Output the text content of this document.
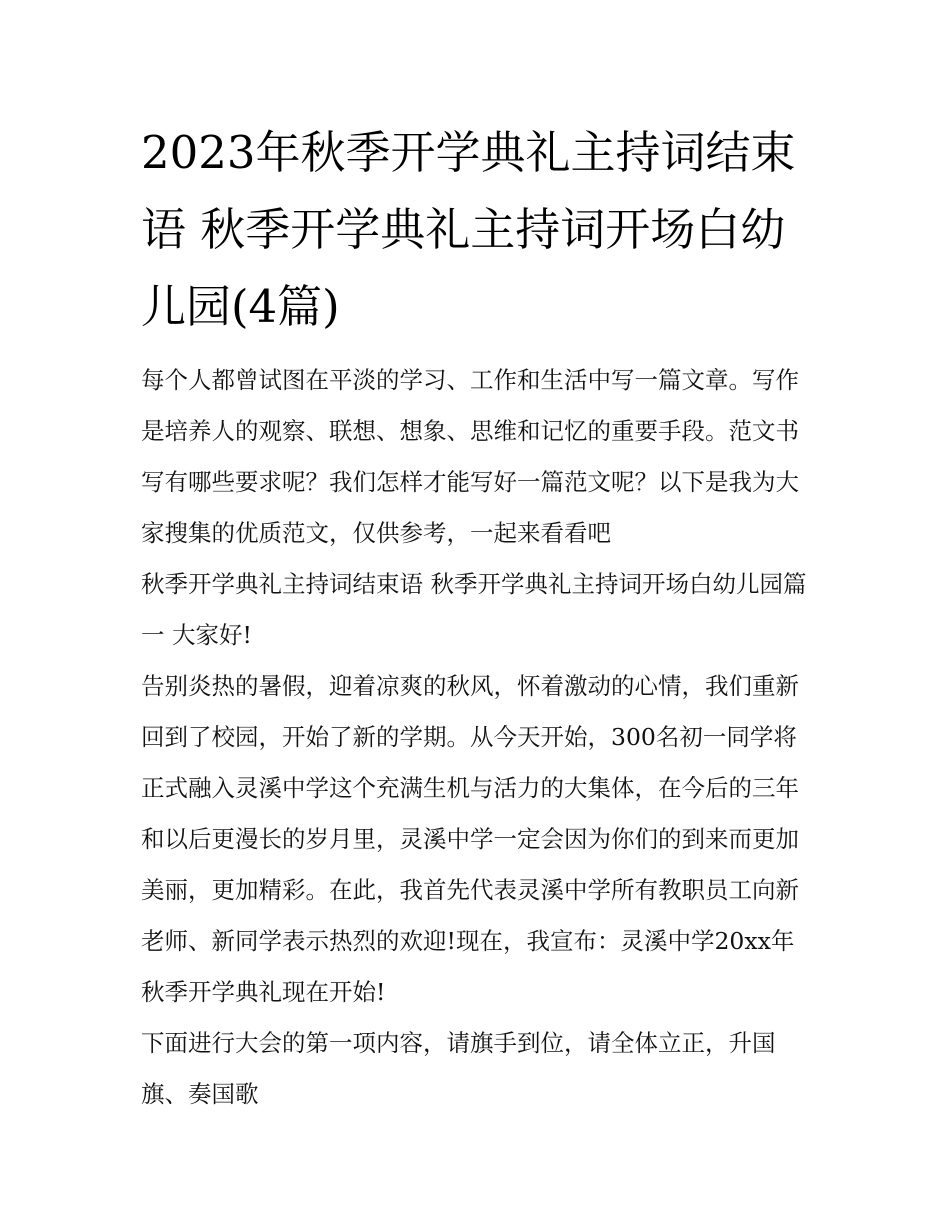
2023年秋季开学典礼主持词结束语 秋季开学典礼主持词开场白幼儿园(4篇)

每个人都曾试图在平淡的学习、工作和生活中写一篇文章。写作是培养人的观察、联想、想象、思维和记忆的重要手段。范文书写有哪些要求呢？我们怎样才能写好一篇范文呢？以下是我为大家搜集的优质范文，仅供参考，一起来看看吧

秋季开学典礼主持词结束语 秋季开学典礼主持词开场白幼儿园篇一 大家好!

告别炎热的暑假，迎着凉爽的秋风，怀着激动的心情，我们重新回到了校园，开始了新的学期。从今天开始，300名初一同学将正式融入灵溪中学这个充满生机与活力的大集体，在今后的三年和以后更漫长的岁月里，灵溪中学一定会因为你们的到来而更加美丽，更加精彩。在此，我首先代表灵溪中学所有教职员工向新老师、新同学表示热烈的欢迎!现在，我宣布：灵溪中学20xx年秋季开学典礼现在开始!

下面进行大会的第一项内容，请旗手到位，请全体立正，升国旗、奏国歌
